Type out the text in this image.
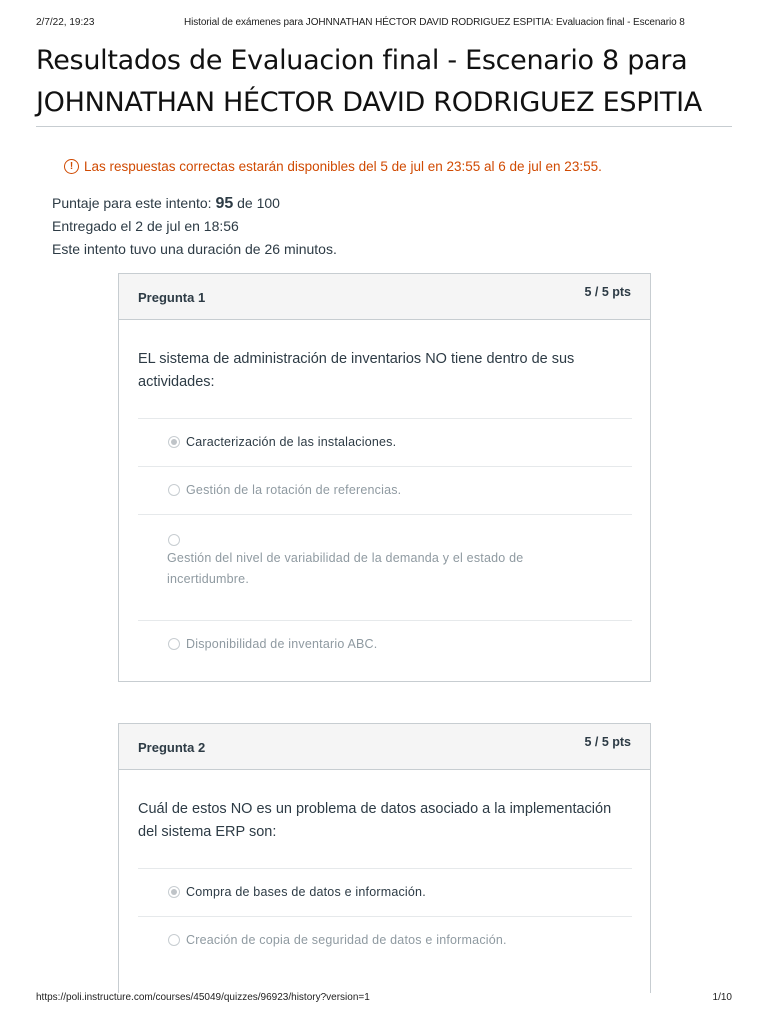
2/7/22, 19:23	Historial de exámenes para JOHNNATHAN HÉCTOR DAVID RODRIGUEZ ESPITIA: Evaluacion final - Escenario 8
Resultados de Evaluacion final - Escenario 8 para
JOHNNATHAN HÉCTOR DAVID RODRIGUEZ ESPITIA
! Las respuestas correctas estarán disponibles del 5 de jul en 23:55 al 6 de jul en 23:55.
Puntaje para este intento: 95 de 100
Entregado el 2 de jul en 18:56
Este intento tuvo una duración de 26 minutos.
Pregunta 1	5 / 5 pts
EL sistema de administración de inventarios NO tiene dentro de sus actividades:
Caracterización de las instalaciones.
Gestión de la rotación de referencias.
Gestión del nivel de variabilidad de la demanda y el estado de incertidumbre.
Disponibilidad de inventario ABC.
Pregunta 2	5 / 5 pts
Cuál de estos NO es un problema de datos asociado a la implementación del sistema ERP son:
Compra de bases de datos e información.
Creación de copia de seguridad de datos e información.
https://poli.instructure.com/courses/45049/quizzes/96923/history?version=1	1/10
